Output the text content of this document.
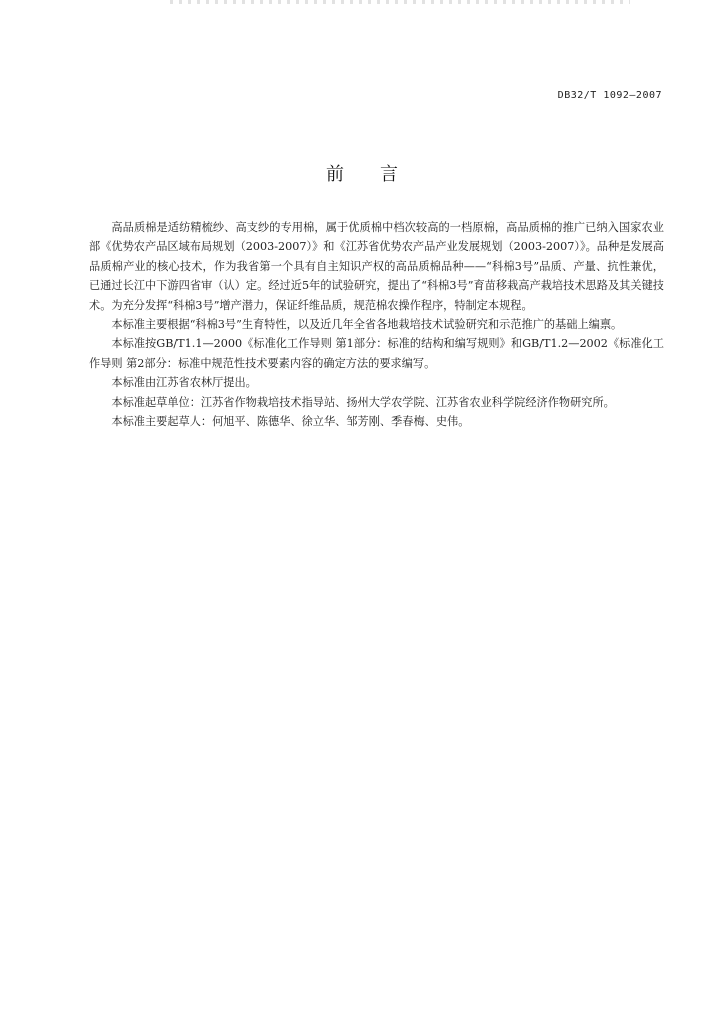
DB32/T 1092—2007
前言

高品质棉是适纺精梳纱、高支纱的专用棉，属于优质棉中档次较高的一档原棉，高品质棉的推广已纳入国家农业部《优势农产品区域布局规划（2003-2007）》和《江苏省优势农产品产业发展规划（2003-2007）》。品种是发展高品质棉产业的核心技术，作为我省第一个具有自主知识产权的高品质棉品种——“科棉3号”品质、产量、抗性兼优，已通过长江中下游四省审（认）定。经过近5年的试验研究，提出了“科棉3号”育苗移栽高产栽培技术思路及其关键技术。为充分发挥“科棉3号”增产潜力，保证纤维品质，规范棉农操作程序，特制定本规程。

本标准主要根据“科棉3号”生育特性，以及近几年全省各地栽培技术试验研究和示范推广的基础上编禀。

本标准按GB/T1.1—2000《标准化工作导则 第1部分：标准的结构和编写规则》和GB/T1.2—2002《标准化工作导则 第2部分：标准中规范性技术要素内容的确定方法的要求编写。

本标准由江苏省农林厅提出。

本标准起草单位：江苏省作物栽培技术指导站、扬州大学农学院、江苏省农业科学院经济作物研究所。

本标准主要起草人：何旭平、陈德华、徐立华、邹芳刚、季春梅、史伟。
